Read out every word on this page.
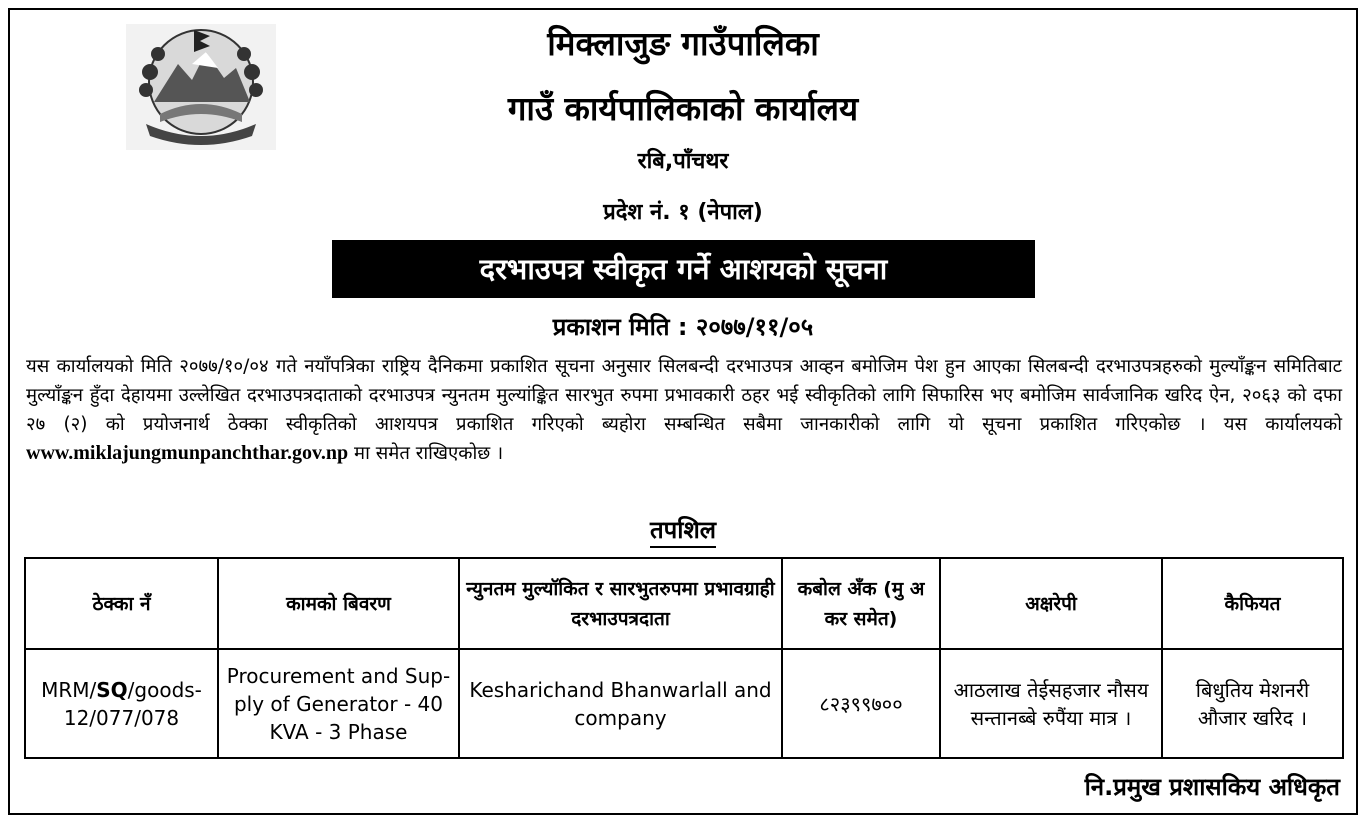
मिक्लाजुङ गाउँपालिका
गाउँ कार्यपालिकाको कार्यालय
रबि,पाँचथर
प्रदेश नं. १ (नेपाल)
दरभाउपत्र स्वीकृत गर्ने आशयको सूचना
प्रकाशन मिति : २०७७/११/०५
यस कार्यालयको मिति २०७७/१०/०४ गते नयाँपत्रिका राष्ट्रिय दैनिकमा प्रकाशित सूचना अनुसार सिलबन्दी दरभाउपत्र आव्हन बमोजिम पेश हुन आएका सिलबन्दी दरभाउपत्रहरुको मुल्याँङ्कन समितिबाट मुल्याँङ्कन हुँदा देहायमा उल्लेखित दरभाउपत्रदाताको दरभाउपत्र न्युनतम मुल्यांङ्कित सारभुत रुपमा प्रभावकारी ठहर भई स्वीकृतिको लागि सिफारिस भए बमोजिम सार्वजानिक खरिद ऐन, २०६३ को दफा २७ (२) को प्रयोजनार्थ ठेक्का स्वीकृतिको आशयपत्र प्रकाशित गरिएको ब्यहोरा सम्बन्धित सबैमा जानकारीको लागि यो सूचना प्रकाशित गरिएकोछ । यस कार्यालयको www.miklajungmunpanchthar.gov.np मा समेत राखिएकोछ ।
तपशिल
ठेक्का नँ	कामको बिवरण	न्युनतम मुल्यॉकित र सारभुतरुपमा प्रभावग्राही दरभाउपत्रदाता	कबोल अँक (मु अ कर समेत)	अक्षरेपी	कैफियत
MRM/SQ/goods-12/077/078	Procurement and Sup-ply of Generator - 40 KVA - 3 Phase	Kesharichand Bhanwarlall and company	८२३९९७००	आठलाख तेईसहजार नौसय सन्तानब्बे रुपैंया मात्र ।	बिधुतिय मेशनरी औजार खरिद ।
नि.प्रमुख प्रशासकिय अधिकृत
